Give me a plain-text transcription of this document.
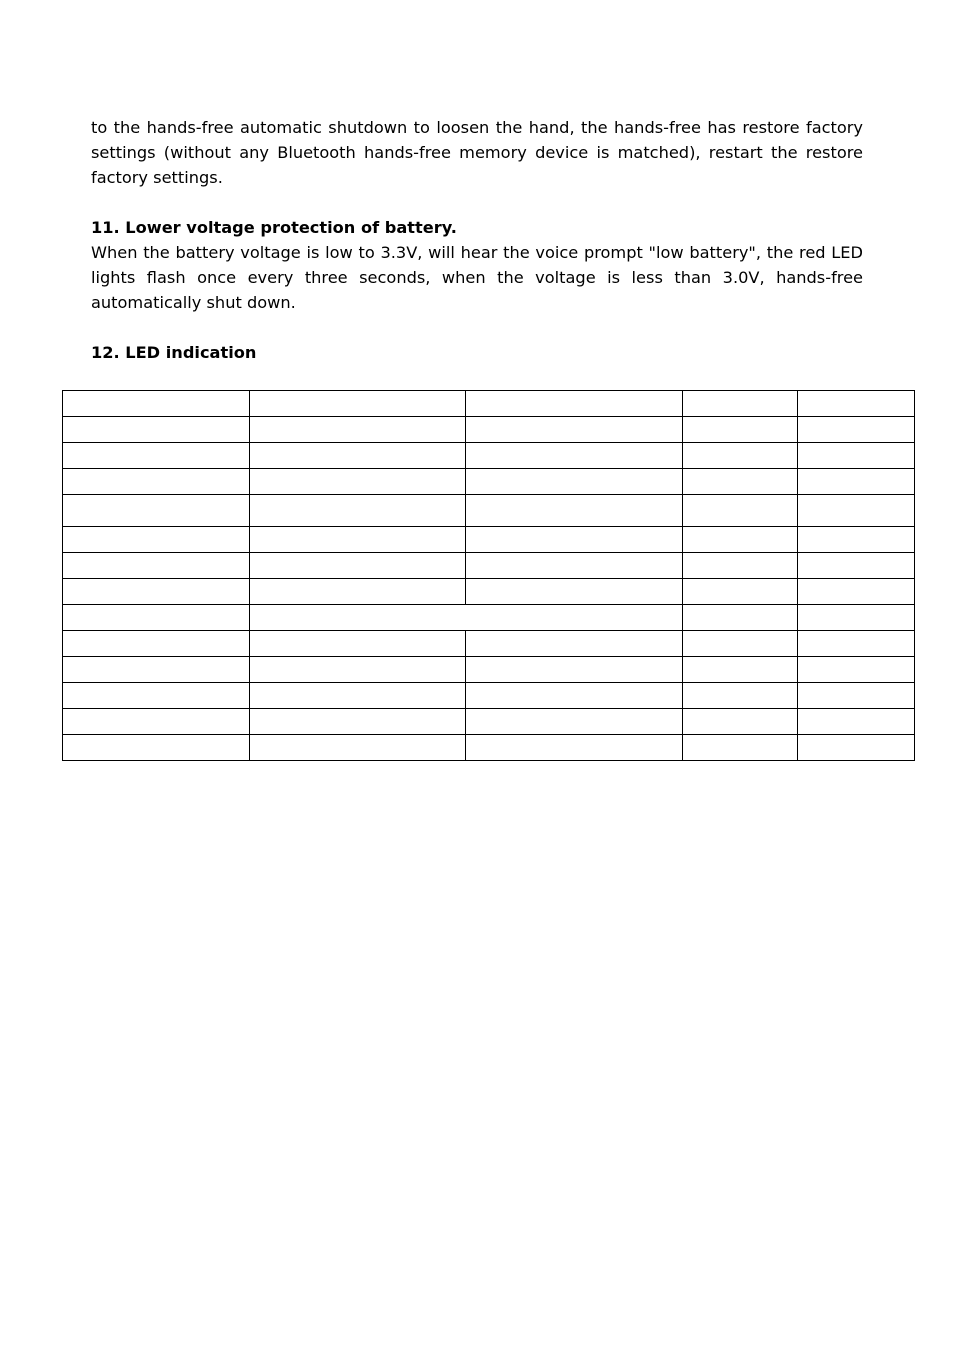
to the hands-free automatic shutdown to loosen the hand, the hands-free has restore factory settings (without any Bluetooth hands-free memory device is matched), restart the restore factory settings.

11. Lower voltage protection of battery.

When the battery voltage is low to 3.3V, will hear the voice prompt "low battery", the red LED lights flash once every three seconds, when the voltage is less than 3.0V, hands-free automatically shut down.

12. LED indication
